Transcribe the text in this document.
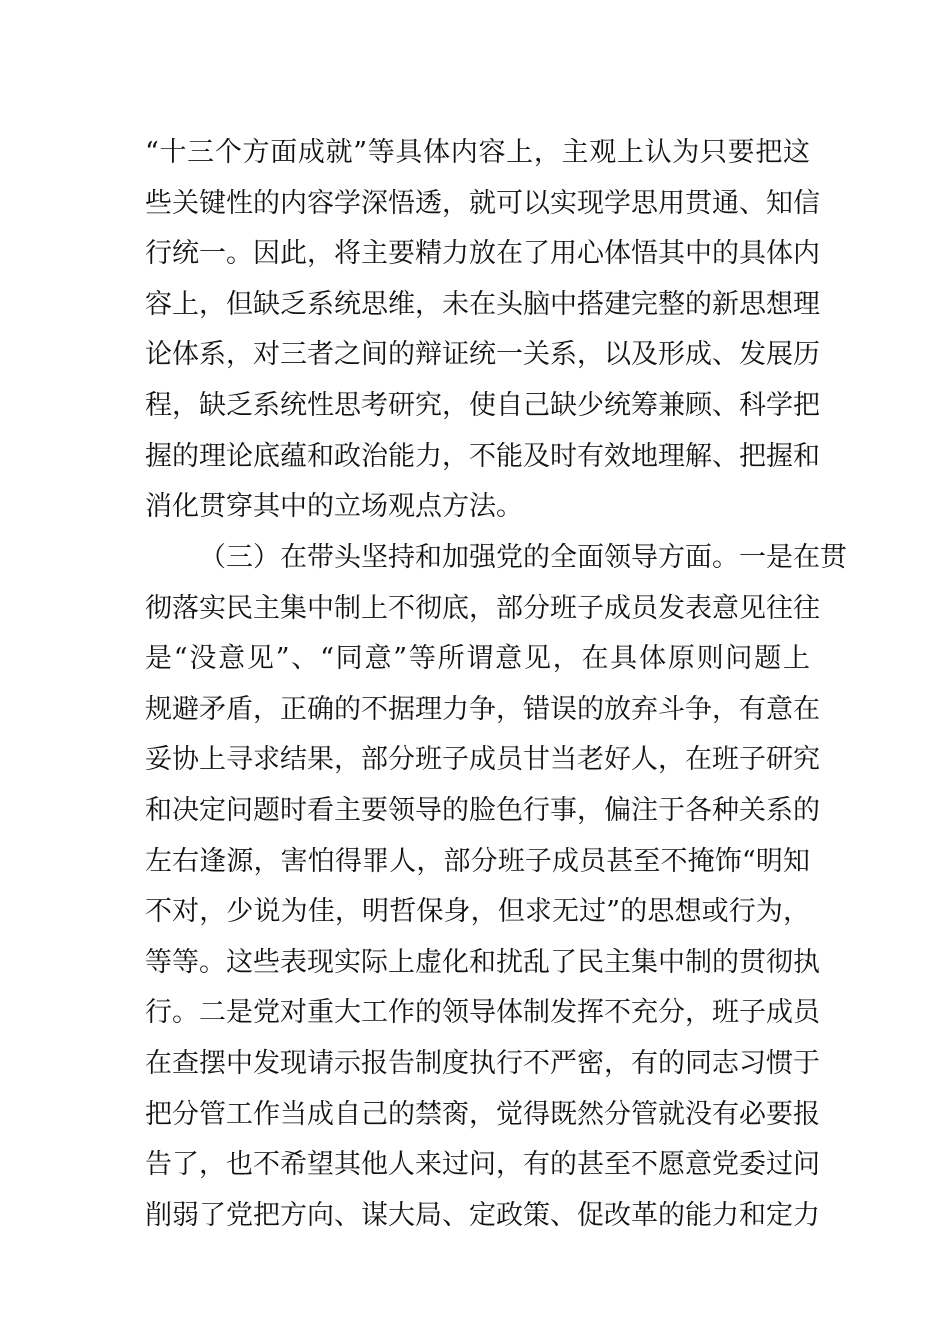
“十三个方面成就”等具体内容上，主观上认为只要把这
些关键性的内容学深悟透，就可以实现学思用贯通、知信
行统一。因此，将主要精力放在了用心体悟其中的具体内
容上，但缺乏系统思维，未在头脑中搭建完整的新思想理
论体系，对三者之间的辩证统一关系，以及形成、发展历
程，缺乏系统性思考研究，使自己缺少统筹兼顾、科学把
握的理论底蕴和政治能力，不能及时有效地理解、把握和
消化贯穿其中的立场观点方法。
（三）在带头坚持和加强党的全面领导方面。一是在贯
彻落实民主集中制上不彻底，部分班子成员发表意见往往
是“没意见”、“同意”等所谓意见，在具体原则问题上
规避矛盾，正确的不据理力争，错误的放弃斗争，有意在
妥协上寻求结果，部分班子成员甘当老好人，在班子研究
和决定问题时看主要领导的脸色行事，偏注于各种关系的
左右逢源，害怕得罪人，部分班子成员甚至不掩饰“明知
不对，少说为佳，明哲保身，但求无过”的思想或行为，
等等。这些表现实际上虚化和扰乱了民主集中制的贯彻执
行。二是党对重大工作的领导体制发挥不充分，班子成员
在查摆中发现请示报告制度执行不严密，有的同志习惯于
把分管工作当成自己的禁脔，觉得既然分管就没有必要报
告了，也不希望其他人来过问，有的甚至不愿意党委过问
削弱了党把方向、谋大局、定政策、促改革的能力和定力
